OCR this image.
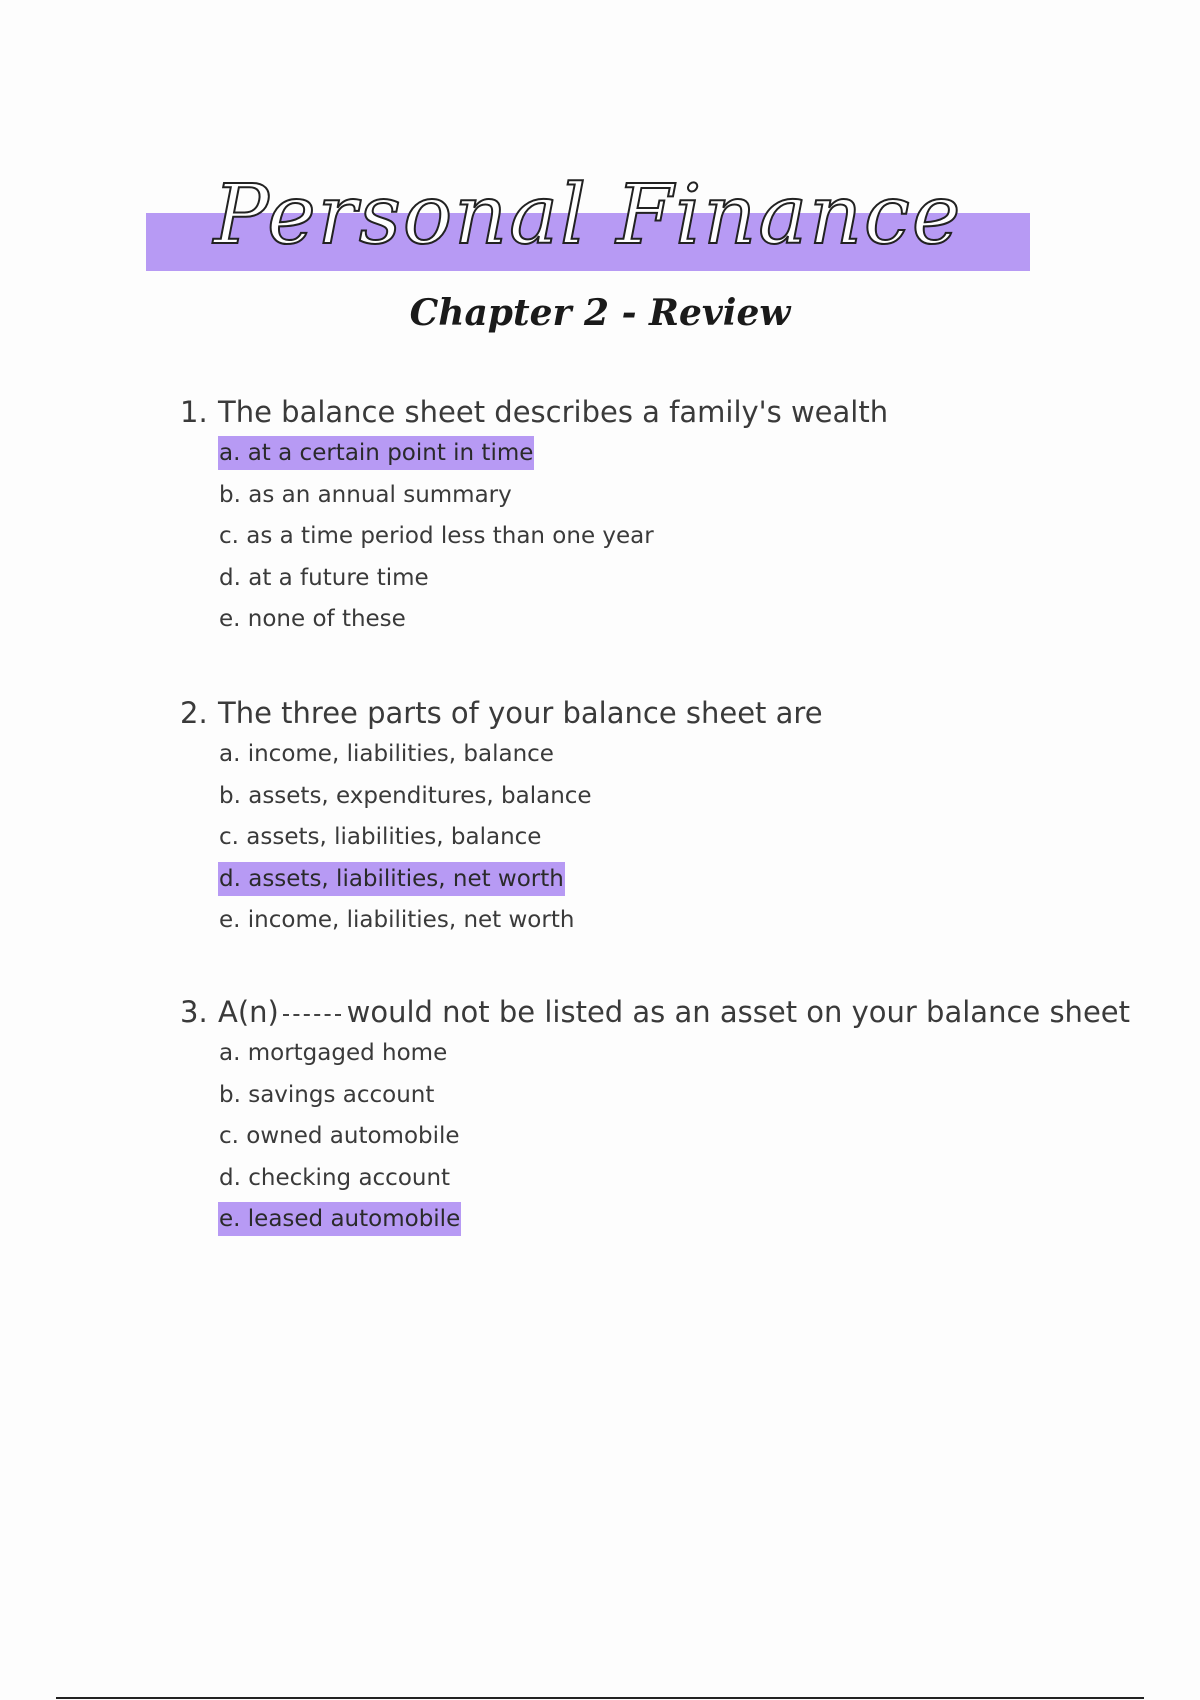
Personal Finance
Chapter 2 - Review
1. The balance sheet describes a family's wealth
a. at a certain point in time
b. as an annual summary
c. as a time period less than one year
d. at a future time
e. none of these
2. The three parts of your balance sheet are
a. income, liabilities, balance
b. assets, expenditures, balance
c. assets, liabilities, balance
d. assets, liabilities, net worth
e. income, liabilities, net worth
3. A(n) would not be listed as an asset on your balance sheet
a. mortgaged home
b. savings account
c. owned automobile
d. checking account
e. leased automobile
